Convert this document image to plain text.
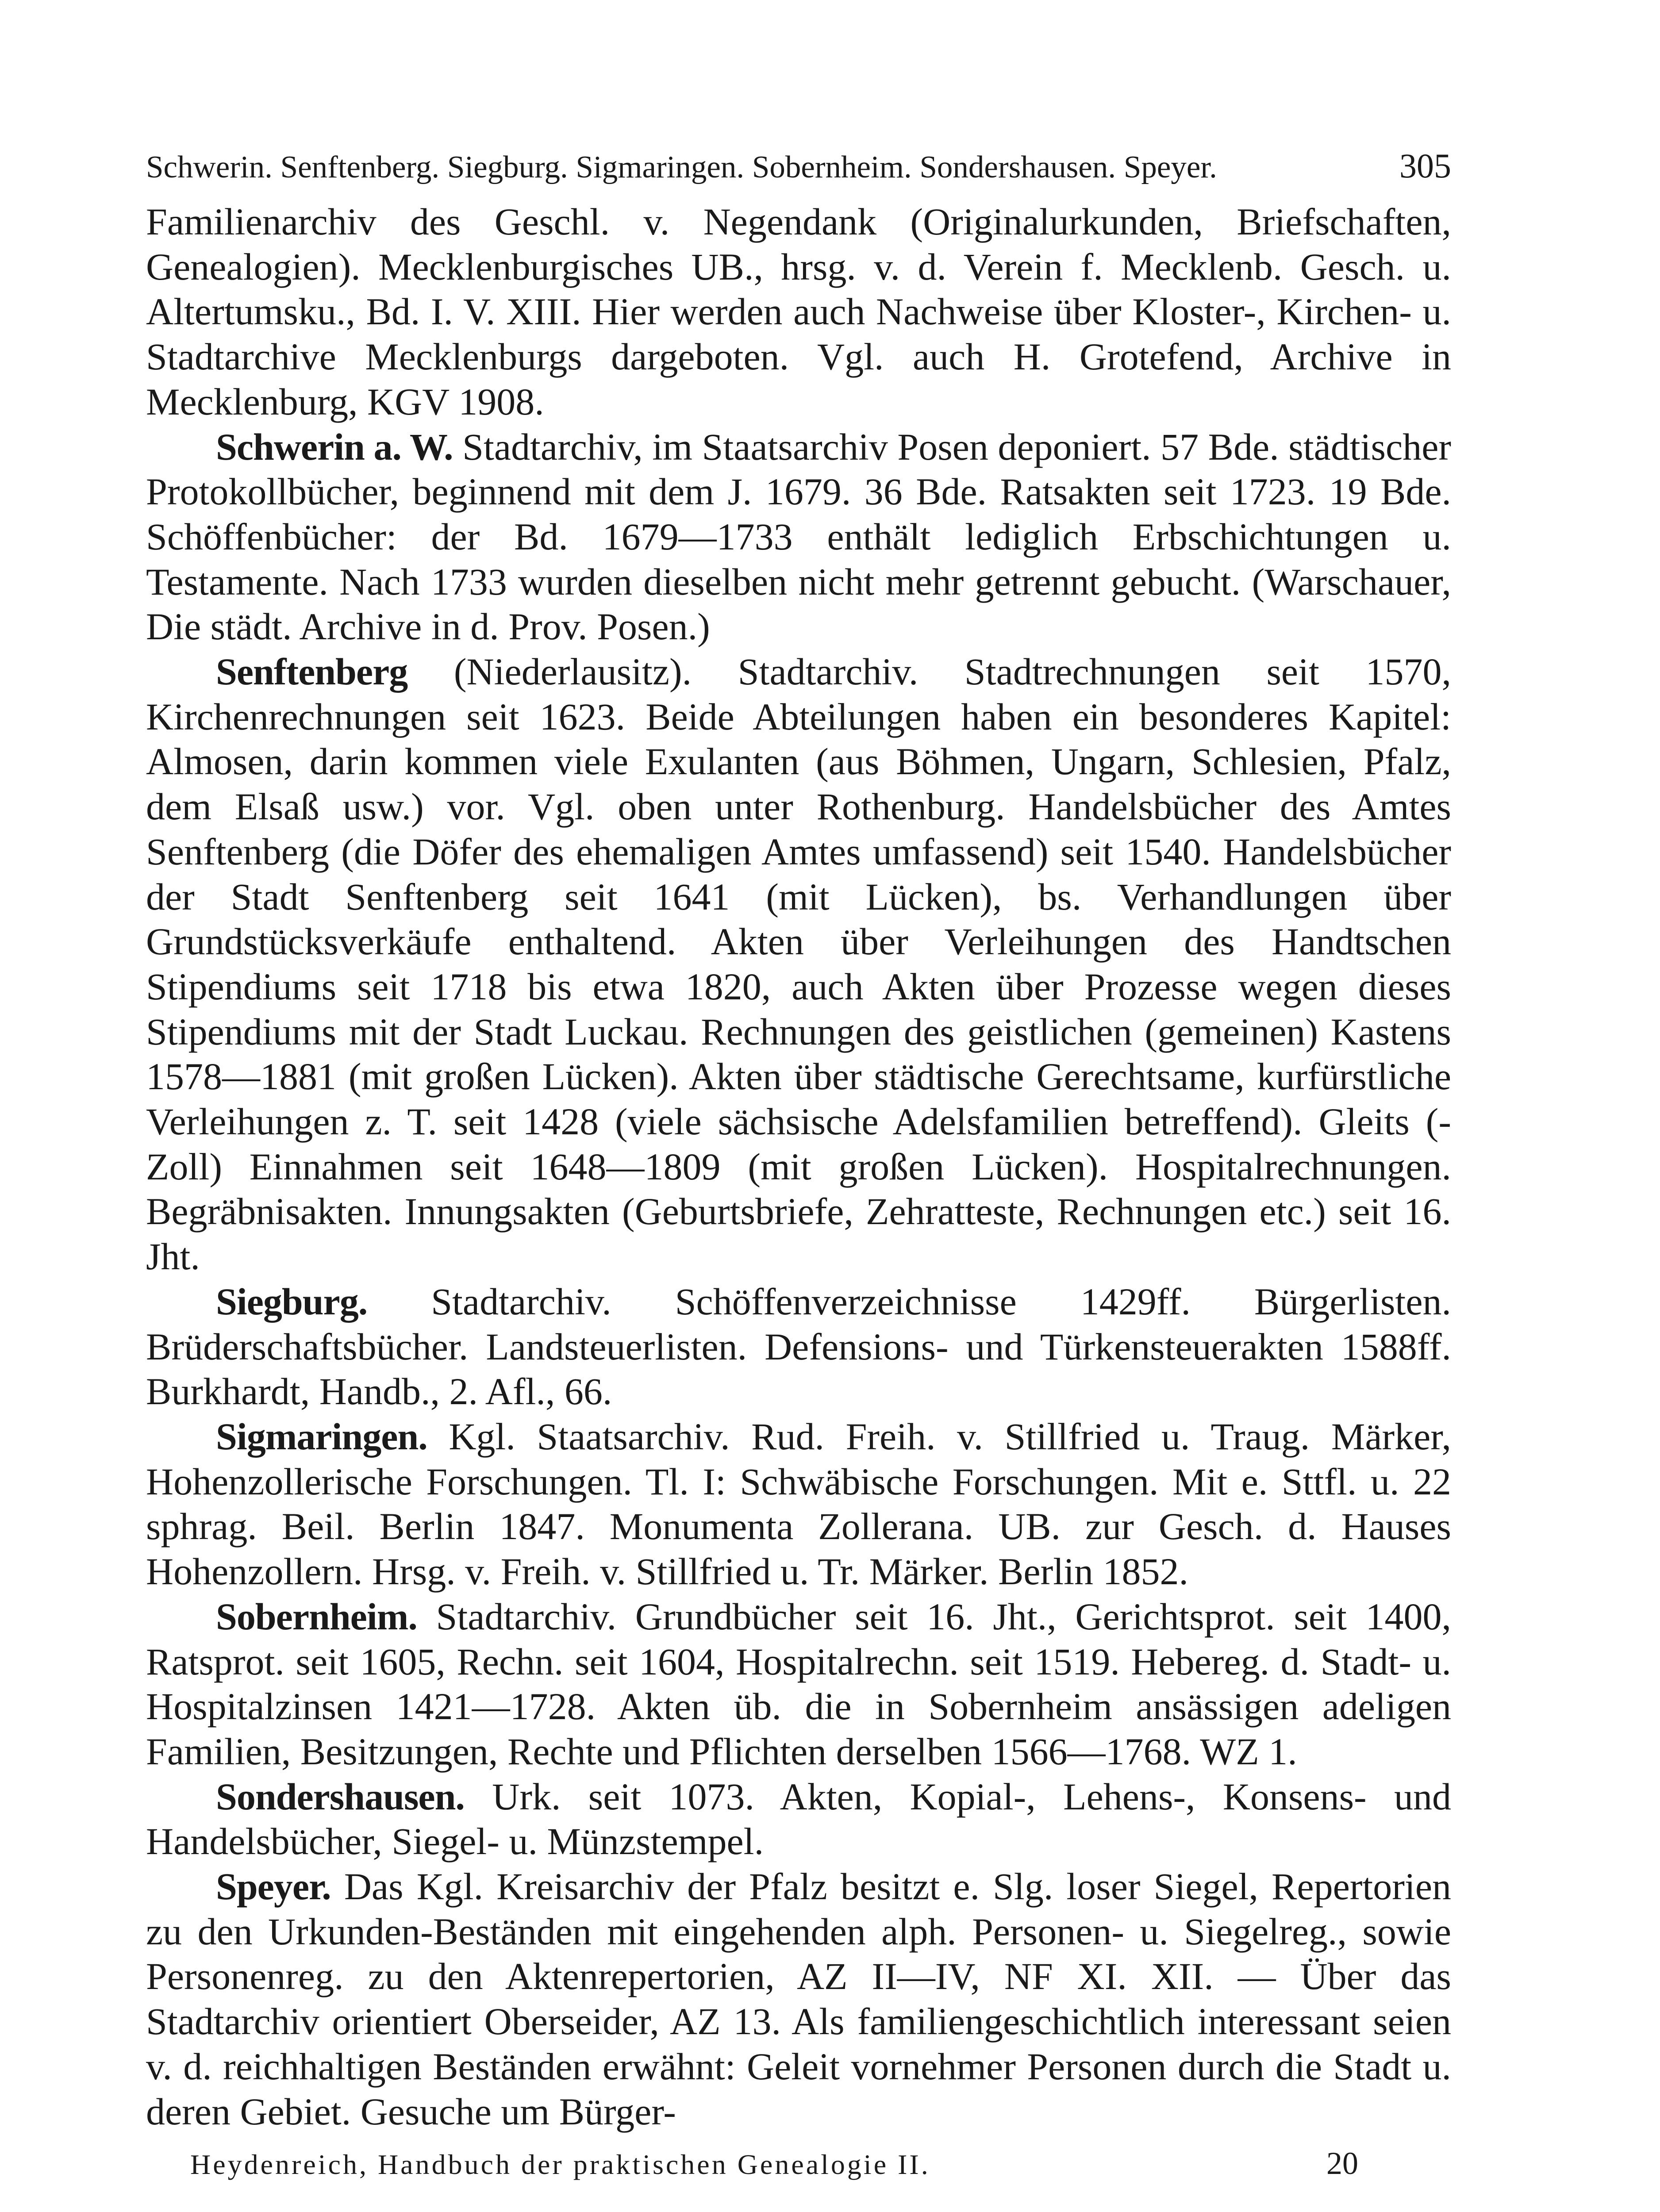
Schwerin. Senftenberg. Siegburg. Sigmaringen. Sobernheim. Sondershausen. Speyer.	305

Familienarchiv des Geschl. v. Negendank (Originalurkunden, Briefschaften, Genealogien). Mecklenburgisches UB., hrsg. v. d. Verein f. Mecklenb. Gesch. u. Altertumsku., Bd. I. V. XIII. Hier werden auch Nachweise über Kloster-, Kirchen- u. Stadtarchive Mecklenburgs dargeboten. Vgl. auch H. Grotefend, Archive in Mecklenburg, KGV 1908.

Schwerin a. W. Stadtarchiv, im Staatsarchiv Posen deponiert. 57 Bde. städtischer Protokollbücher, beginnend mit dem J. 1679. 36 Bde. Ratsakten seit 1723. 19 Bde. Schöffenbücher: der Bd. 1679—1733 enthält lediglich Erbschichtungen u. Testamente. Nach 1733 wurden dieselben nicht mehr getrennt gebucht. (Warschauer, Die städt. Archive in d. Prov. Posen.)

Senftenberg (Niederlausitz). Stadtarchiv. Stadtrechnungen seit 1570, Kirchenrechnungen seit 1623. Beide Abteilungen haben ein besonderes Kapitel: Almosen, darin kommen viele Exulanten (aus Böhmen, Ungarn, Schlesien, Pfalz, dem Elsaß usw.) vor. Vgl. oben unter Rothenburg. Handelsbücher des Amtes Senftenberg (die Döfer des ehemaligen Amtes umfassend) seit 1540. Handelsbücher der Stadt Senftenberg seit 1641 (mit Lücken), bs. Verhandlungen über Grundstücksverkäufe enthaltend. Akten über Verleihungen des Handtschen Stipendiums seit 1718 bis etwa 1820, auch Akten über Prozesse wegen dieses Stipendiums mit der Stadt Luckau. Rechnungen des geistlichen (gemeinen) Kastens 1578—1881 (mit großen Lücken). Akten über städtische Gerechtsame, kurfürstliche Verleihungen z. T. seit 1428 (viele sächsische Adelsfamilien betreffend). Gleits (-Zoll) Einnahmen seit 1648—1809 (mit großen Lücken). Hospitalrechnungen. Begräbnisakten. Innungsakten (Geburtsbriefe, Zehratteste, Rechnungen etc.) seit 16. Jht.

Siegburg. Stadtarchiv. Schöffenverzeichnisse 1429ff. Bürgerlisten. Brüderschaftsbücher. Landsteuerlisten. Defensions- und Türkensteuerakten 1588ff. Burkhardt, Handb., 2. Afl., 66.

Sigmaringen. Kgl. Staatsarchiv. Rud. Freih. v. Stillfried u. Traug. Märker, Hohenzollerische Forschungen. Tl. I: Schwäbische Forschungen. Mit e. Sttfl. u. 22 sphrag. Beil. Berlin 1847. Monumenta Zollerana. UB. zur Gesch. d. Hauses Hohenzollern. Hrsg. v. Freih. v. Stillfried u. Tr. Märker. Berlin 1852.

Sobernheim. Stadtarchiv. Grundbücher seit 16. Jht., Gerichtsprot. seit 1400, Ratsprot. seit 1605, Rechn. seit 1604, Hospitalrechn. seit 1519. Hebereg. d. Stadt- u. Hospitalzinsen 1421—1728. Akten üb. die in Sobernheim ansässigen adeligen Familien, Besitzungen, Rechte und Pflichten derselben 1566—1768. WZ 1.

Sondershausen. Urk. seit 1073. Akten, Kopial-, Lehens-, Konsens- und Handelsbücher, Siegel- u. Münzstempel.

Speyer. Das Kgl. Kreisarchiv der Pfalz besitzt e. Slg. loser Siegel, Repertorien zu den Urkunden-Beständen mit eingehenden alph. Personen- u. Siegelreg., sowie Personenreg. zu den Aktenrepertorien, AZ II—IV, NF XI. XII. — Über das Stadtarchiv orientiert Oberseider, AZ 13. Als familiengeschichtlich interessant seien v. d. reichhaltigen Beständen erwähnt: Geleit vornehmer Personen durch die Stadt u. deren Gebiet. Gesuche um Bürger-

Heydenreich, Handbuch der praktischen Genealogie II.	20
